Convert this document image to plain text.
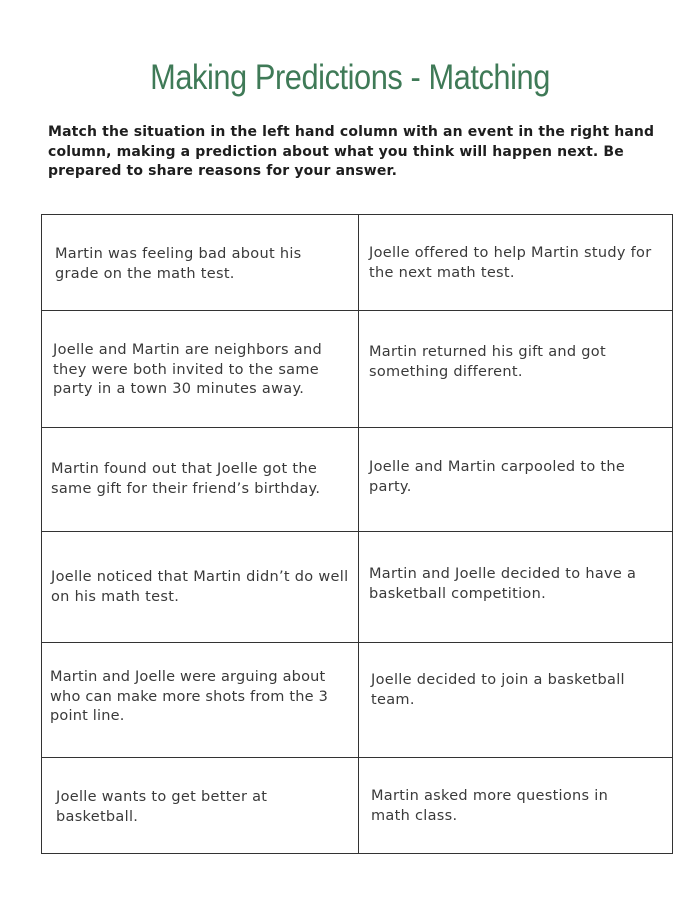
Making Predictions - Matching
Match the situation in the left hand column with an event in the right hand column, making a prediction about what you think will happen next. Be prepared to share reasons for your answer.
Martin was feeling bad about his grade on the math test.
Joelle offered to help Martin study for the next math test.
Joelle and Martin are neighbors and they were both invited to the same party in a town 30 minutes away.
Martin returned his gift and got something different.
Martin found out that Joelle got the same gift for their friend’s birthday.
Joelle and Martin carpooled to the party.
Joelle noticed that Martin didn’t do well on his math test.
Martin and Joelle decided to have a basketball competition.
Martin and Joelle were arguing about who can make more shots from the 3 point line.
Joelle decided to join a basketball team.
Joelle wants to get better at basketball.
Martin asked more questions in math class.
